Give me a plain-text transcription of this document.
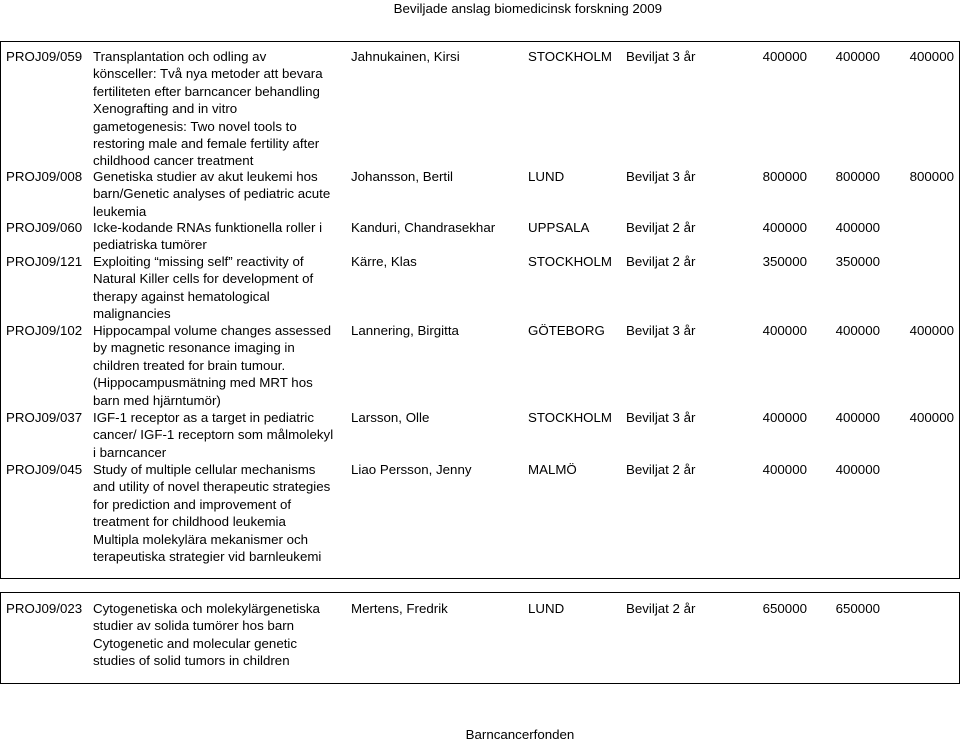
Beviljade anslag biomedicinsk forskning 2009
PROJ09/059 Transplantation och odling av
könsceller: Två nya metoder att bevara
fertiliteten efter barncancer behandling
Xenografting and in vitro
gametogenesis: Two novel tools to
restoring male and female fertility after
childhood cancer treatment
Jahnukainen, Kirsi	STOCKHOLM Beviljat 3 år	400000	400000	400000
PROJ09/008 Genetiska studier av akut leukemi hos
barn/Genetic analyses of pediatric acute
leukemia
Johansson, Bertil	LUND	Beviljat 3 år	800000	800000	800000
PROJ09/060 Icke-kodande RNAs funktionella roller i
pediatriska tumörer
Kanduri, Chandrasekhar UPPSALA	Beviljat 2 år	400000	400000
PROJ09/121 Exploiting “missing self” reactivity of
Natural Killer cells for development of
therapy against hematological
malignancies
Kärre, Klas	STOCKHOLM Beviljat 2 år	350000	350000
PROJ09/102 Hippocampal volume changes assessed
by magnetic resonance imaging in
children treated for brain tumour.
(Hippocampusmätning med MRT hos
barn med hjärntumör)
Lannering, Birgitta	GÖTEBORG Beviljat 3 år	400000	400000	400000
PROJ09/037 IGF-1 receptor as a target in pediatric
cancer/ IGF-1 receptorn som målmolekyl
i barncancer
Larsson, Olle	STOCKHOLM Beviljat 3 år	400000	400000	400000
PROJ09/045 Study of multiple cellular mechanisms
and utility of novel therapeutic strategies
for prediction and improvement of
treatment for childhood leukemia
Multipla molekylära mekanismer och
terapeutiska strategier vid barnleukemi
Liao Persson, Jenny	MALMÖ	Beviljat 2 år	400000	400000
PROJ09/023 Cytogenetiska och molekylärgenetiska
studier av solida tumörer hos barn
Cytogenetic and molecular genetic
studies of solid tumors in children
Mertens, Fredrik	LUND	Beviljat 2 år	650000	650000
Barncancerfonden
